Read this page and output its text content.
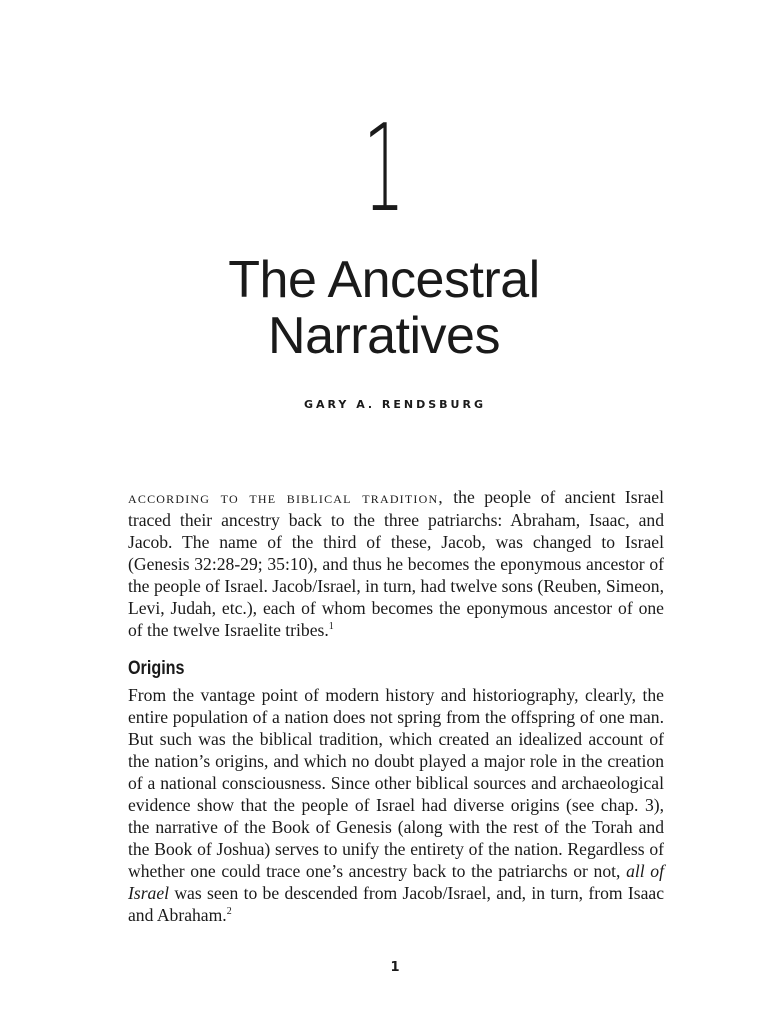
1
The Ancestral
Narratives
GARY A. RENDSBURG

according to the biblical tradition, the people of ancient Israel traced their ancestry back to the three patriarchs: Abraham, Isaac, and Jacob. The name of the third of these, Jacob, was changed to Israel (Genesis 32:28-29; 35:10), and thus he becomes the eponymous ancestor of the people of Israel. Jacob/Israel, in turn, had twelve sons (Reuben, Simeon, Levi, Judah, etc.), each of whom becomes the eponymous ancestor of one of the twelve Israelite tribes.$^1$

Origins

From the vantage point of modern history and historiography, clearly, the entire population of a nation does not spring from the offspring of one man. But such was the biblical tradition, which created an idealized account of the nation’s origins, and which no doubt played a major role in the creation of a national consciousness. Since other biblical sources and archaeological evidence show that the people of Israel had diverse origins (see chap. 3), the narrative of the Book of Genesis (along with the rest of the Torah and the Book of Joshua) serves to unify the entirety of the nation. Regardless of whether one could trace one’s ancestry back to the patriarchs or not, all of Israel was seen to be descended from Jacob/Israel, and, in turn, from Isaac and Abraham.$^2$

1
